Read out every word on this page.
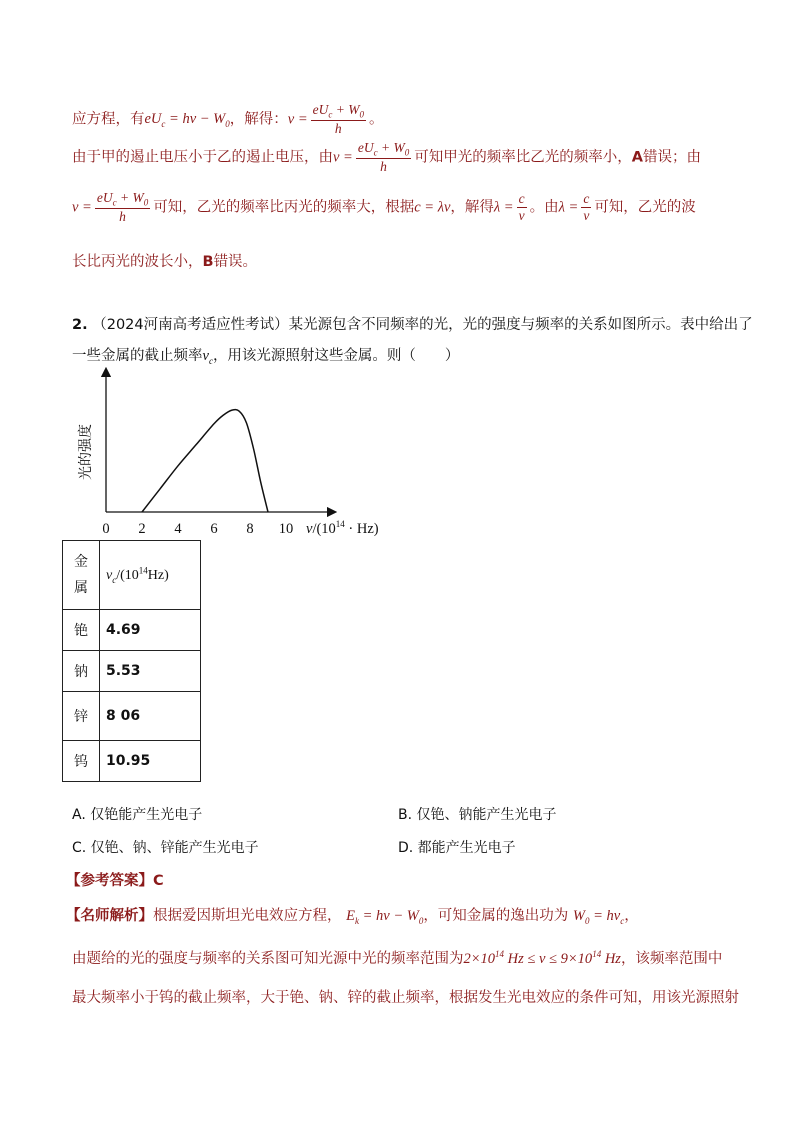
应方程，有$eU_c = h\nu - W_0$，解得：$\nu = \frac{eU_c + W_0}{h}$ 。
由于甲的遏止电压小于乙的遏止电压，由$\nu = \frac{eU_c + W_0}{h}$ 可知甲光的频率比乙光的频率小，A错误；由
$\nu = \frac{eU_c + W_0}{h}$ 可知，乙光的频率比丙光的频率大，根据c = λν，解得$\lambda = \frac{c}{\nu}$ 。由$\lambda = \frac{c}{\nu}$ 可知，乙光的波
长比丙光的波长小，B错误。
2. （2024河南高考适应性考试）某光源包含不同频率的光，光的强度与频率的关系如图所示。表中给出了
一些金属的截止频率$\nu_c$，用该光源照射这些金属。则（　　）
0 2 4 6 8 10
光的强度
$\nu/(10^{14} \cdot Hz)$
金
属	$\nu_c/(10^{14}Hz)$
铯	4.69
钠	5.53
锌	8 06
钨	10.95
A. 仅铯能产生光电子	B. 仅铯、钠能产生光电子
C. 仅铯、钠、锌能产生光电子	D. 都能产生光电子
【参考答案】C
【名师解析】根据爱因斯坦光电效应方程， $E_k = h\nu - W_0$，可知金属的逸出功为 $W_0 = h\nu_c$，
由题给的光的强度与频率的关系图可知光源中光的频率范围为$2\times 10^{14}$ $Hz \le \nu \le 9\times 10^{14}$ Hz，该频率范围中
最大频率小于钨的截止频率，大于铯、钠、锌的截止频率，根据发生光电效应的条件可知，用该光源照射
